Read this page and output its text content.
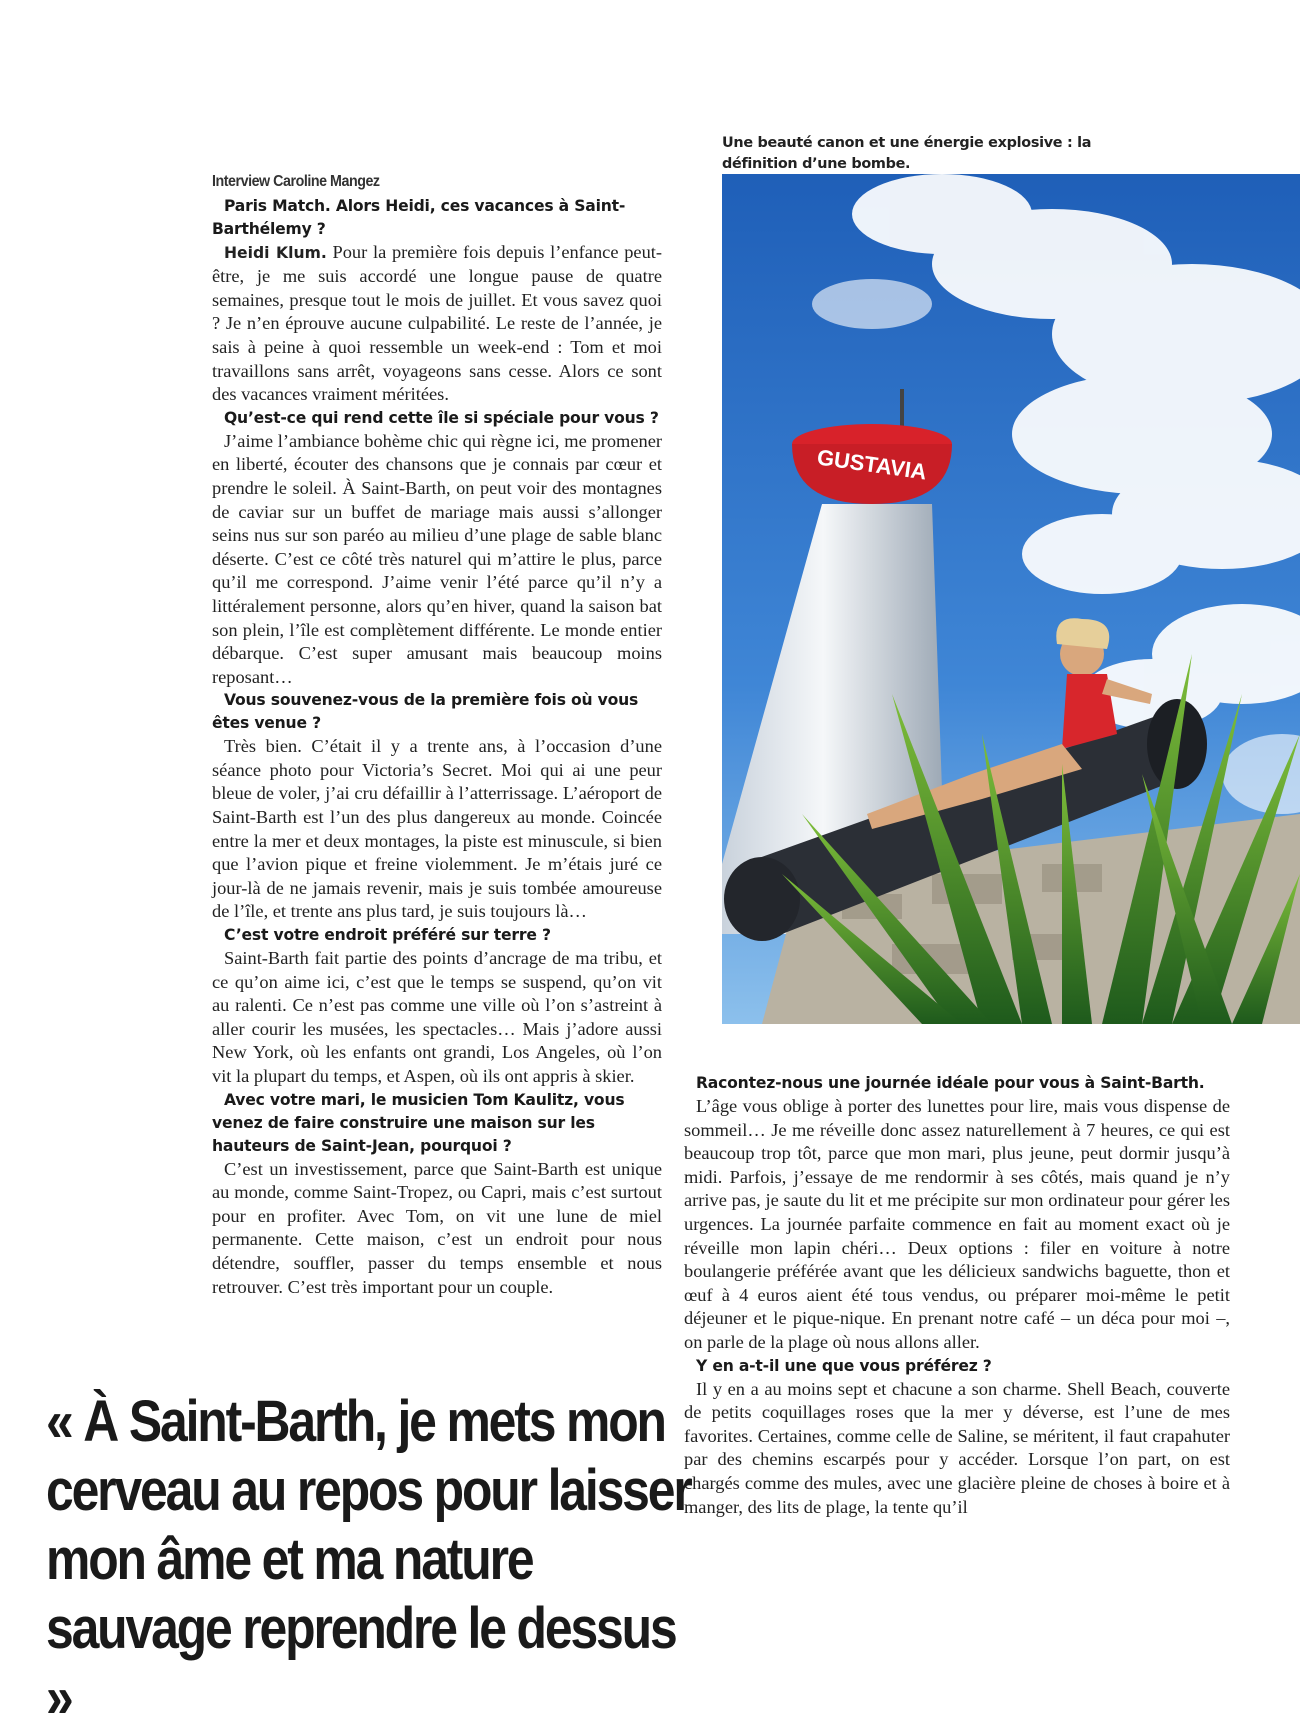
Une beauté canon et une énergie explosive : la définition d’une bombe.
GUSTAVIA
Interview Caroline Mangez

Paris Match. Alors Heidi, ces vacances à Saint-Barthélemy ?

Heidi Klum. Pour la première fois depuis l’enfance peut-être, je me suis accordé une longue pause de quatre semaines, presque tout le mois de juillet. Et vous savez quoi ? Je n’en éprouve aucune culpabilité. Le reste de l’année, je sais à peine à quoi ressemble un week-end : Tom et moi travaillons sans arrêt, voyageons sans cesse. Alors ce sont des vacances vraiment méritées.

Qu’est-ce qui rend cette île si spéciale pour vous ?

J’aime l’ambiance bohème chic qui règne ici, me promener en liberté, écouter des chansons que je connais par cœur et prendre le soleil. À Saint-Barth, on peut voir des montagnes de caviar sur un buffet de mariage mais aussi s’allonger seins nus sur son paréo au milieu d’une plage de sable blanc déserte. C’est ce côté très naturel qui m’attire le plus, parce qu’il me correspond. J’aime venir l’été parce qu’il n’y a littéralement personne, alors qu’en hiver, quand la saison bat son plein, l’île est complètement différente. Le monde entier débarque. C’est super amusant mais beaucoup moins reposant…

Vous souvenez-vous de la première fois où vous êtes venue ?

Très bien. C’était il y a trente ans, à l’occasion d’une séance photo pour Victoria’s Secret. Moi qui ai une peur bleue de voler, j’ai cru défaillir à l’atterrissage. L’aéroport de Saint-Barth est l’un des plus dangereux au monde. Coincée entre la mer et deux montages, la piste est minuscule, si bien que l’avion pique et freine violemment. Je m’étais juré ce jour-là de ne jamais revenir, mais je suis tombée amoureuse de l’île, et trente ans plus tard, je suis toujours là…

C’est votre endroit préféré sur terre ?

Saint-Barth fait partie des points d’ancrage de ma tribu, et ce qu’on aime ici, c’est que le temps se suspend, qu’on vit au ralenti. Ce n’est pas comme une ville où l’on s’astreint à aller courir les musées, les spectacles… Mais j’adore aussi New York, où les enfants ont grandi, Los Angeles, où l’on vit la plupart du temps, et Aspen, où ils ont appris à skier.

Avec votre mari, le musicien Tom Kaulitz, vous venez de faire construire une maison sur les hauteurs de Saint-Jean, pourquoi ?

C’est un investissement, parce que Saint-Barth est unique au monde, comme Saint-Tropez, ou Capri, mais c’est surtout pour en profiter. Avec Tom, on vit une lune de miel permanente. Cette maison, c’est un endroit pour nous détendre, souffler, passer du temps ensemble et nous retrouver. C’est très important pour un couple.

Racontez-nous une journée idéale pour vous à Saint-Barth.

L’âge vous oblige à porter des lunettes pour lire, mais vous dispense de sommeil… Je me réveille donc assez naturellement à 7 heures, ce qui est beaucoup trop tôt, parce que mon mari, plus jeune, peut dormir jusqu’à midi. Parfois, j’essaye de me rendormir à ses côtés, mais quand je n’y arrive pas, je saute du lit et me précipite sur mon ordinateur pour gérer les urgences. La journée parfaite commence en fait au moment exact où je réveille mon lapin chéri… Deux options : filer en voiture à notre boulangerie préférée avant que les délicieux sandwichs baguette, thon et œuf à 4 euros aient été tous vendus, ou préparer moi-même le petit déjeuner et le pique-nique. En prenant notre café – un déca pour moi –, on parle de la plage où nous allons aller.

Y en a-t-il une que vous préférez ?

Il y en a au moins sept et chacune a son charme. Shell Beach, couverte de petits coquillages roses que la mer y déverse, est l’une de mes favorites. Certaines, comme celle de Saline, se méritent, il faut crapahuter par des chemins escarpés pour y accéder. Lorsque l’on part, on est chargés comme des mules, avec une glacière pleine de choses à boire et à manger, des lits de plage, la tente qu’il

« À Saint-Barth, je mets mon cerveau au repos pour laisser mon âme et ma nature sauvage reprendre le dessus »
